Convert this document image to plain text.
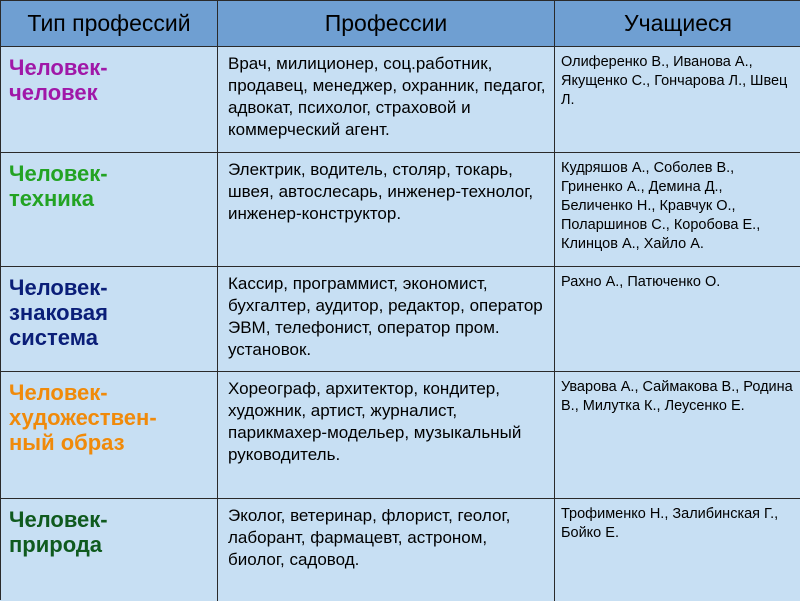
Тип профессий	Профессии	Учащиеся
Человек-
человек
Врач, милиционер, соц.работник, продавец, менеджер, охранник, педагог, адвокат, психолог, страховой и коммерческий агент.
Олиференко В., Иванова А., Якущенко С., Гончарова Л., Швец Л.
Человек-
техника
Электрик, водитель, столяр, токарь, швея, автослесарь, инженер-технолог, инженер-конструктор.
Кудряшов А., Соболев В., Гриненко А., Демина Д., Беличенко Н., Кравчук О., Поларшинов С., Коробова Е., Клинцов А., Хайло А.
Человек-
знаковая
система
Кассир, программист, экономист, бухгалтер, аудитор, редактор, оператор ЭВМ, телефонист, оператор пром. установок.
Рахно А., Патюченко О.
Человек-
художествен-
ный образ
Хореограф, архитектор, кондитер, художник, артист, журналист, парикмахер-модельер, музыкальный руководитель.
Уварова А., Саймакова В., Родина В., Милутка К., Леусенко Е.
Человек-
природа
Эколог, ветеринар, флорист, геолог, лаборант, фармацевт, астроном, биолог, садовод.
Трофименко Н., Залибинская Г., Бойко Е.
